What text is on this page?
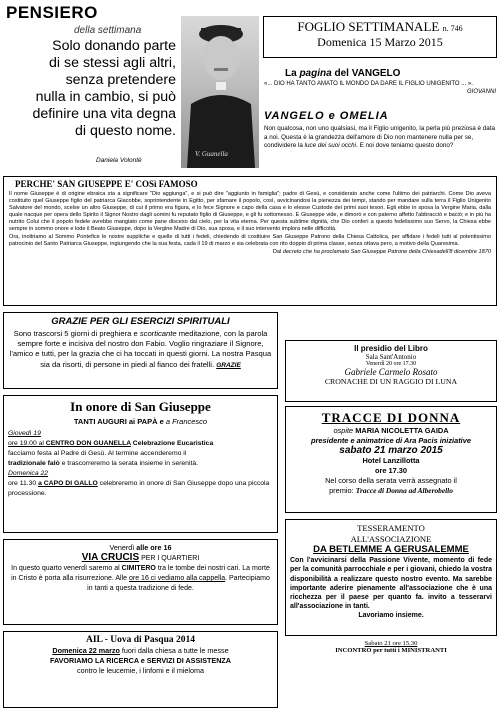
PENSIERO
della settimana
Solo donando parte
di se stessi agli altri,
senza pretendere
nulla in cambio, si può
definire una vita degna
di questo nome.
Daniela Volontè
V. Guanella
FOGLIO SETTIMANALE n. 746
Domenica 15 Marzo 2015
La pagina del VANGELO
«... DIO HA TANTO AMATO IL MONDO DA DARE IL FIGLIO UNIGENITO ... ».
GIOVANNI
VANGELO e OMELIA
Non qualcosa, non uno qualsiasi, ma il Figlio unigenito, la perla più preziosa è data a noi. Questa è la grandezza dell'amore di Dio non mantenere nulla per se, condividere la luce dei suoi occhi. E noi dove teniamo questo dono?
PERCHE' SAN GIUSEPPE E' COSì FAMOSO

Il nome Giuseppe è di origine ebraica sta a significare "Dio aggiunga", e si può dire "aggiunto in famiglia"; padre di Gesù, e considerato anche come l'ultimo dei patriarchi. Come Dio aveva costituito quel Giuseppe figlio del patriarca Giacobbe, soprintendente in Egitto, per sfamare il popolo, così, avvicinandosi la pienezza dei tempi, stando per mandare sulla terra il Figlio Unigenito Salvatore del mondo, scelse un altro Giuseppe, di cui il primo era figura, e lo fece Signore e capo della casa e lo elesse Custode dei primi suoi tesori. Egli ebbe in sposa la Vergine Maria, dalla quale nacque per opera dello Spirito il Signor Nostro dagli uomini fu reputato figlio di Giuseppe, e gli fu sottomesso. E Giuseppe vide, e dimorò e con paterno affetto l'abbracciò e baciò; e in più ha nutrito Colui che il popolo fedele avrebbe mangiato come pane disceso dal cielo, per la vita eterna. Per questa sublime dignità, che Dio conferì a questo fedelissimo suo Servo, la Chiesa ebbe sempre in sommo onore e lode il Beato Giuseppe, dopo la Vergine Madre di Dio, sua sposa, e il suo intervento implora nelle difficoltà.

Ora, inoltriamo al Sommo Pontefice le nostre suppliche e quelle di tutti i fedeli, chiedendo di costituire San Giuseppe Patrono della Chiesa Cattolica, per affidare i fedeli tutti al potentissimo patrocinio del Santo Patriarca Giuseppe, ingiungendo che la sua festa, cada il 19 di marzo e sia celebrata con rito doppio di prima classe, senza ottava pero, a motivo della Quaresima.

Dal decreto che ha proclamato San Giuseppe Patrone della Chiesadell'8 dicembre 1870
GRAZIE PER GLI ESERCIZI SPIRITUALI
Sono trascorsi 5 giorni di preghiera e scorticante meditazione, con la parola sempre forte e incisiva del nostro don Fabio. Voglio ringraziare il Signore, l'amico e tutti, per la grazia che ci ha toccati in questi giorni. La nostra Pasqua sia da risorti, di persone in piedi al fianco dei fratelli. GRAZIE
In onore di San Giuseppe
TANTI AUGURI ai PAPÀ e a Francesco
Giovedì 19
ore 19.00 al CENTRO DON GUANELLA Celebrazione Eucaristica
facciamo festa al Padre di Gesù. Al termine accenderemo il
tradizionale falò e trascorreremo la serata insieme in serenità.
Domenica 22
ore 11.30 a CAPO DI GALLO celebreremo in onore di San Giuseppe dopo una piccola processione.
Venerdì alle ore 16
VIA CRUCIS PER I QUARTIERI
In questo quarto venerdì saremo al CIMITERO tra le tombe dei nostri cari. La morte in Cristo è porta alla risurrezione. Alle ore 16 ci vediamo alla cappella. Partecipiamo in tanti a questa tradizione di fede.
AIL - Uova di Pasqua 2014
Domenica 22 marzo fuori dalla chiesa a tutte le messe
FAVORIAMO LA RICERCA e SERVIZI DI ASSISTENZA
contro le leucemie, i linfomi e il mieloma
Il presidio del Libro
Sala Sant'Antonio
Venerdì 20 ore 17.30
Gabriele Carmelo Rosato
CRONACHE DI UN RAGGIO DI LUNA
TRACCE DI DONNA
ospite MARIA NICOLETTA GAIDA
presidente e animatrice di Ara Pacis iniziative
sabato 21 marzo 2015
Hotel Lanzillotta
ore 17.30
Nel corso della serata verrà assegnato il
premio: Tracce di Donna ad Alberobello
TESSERAMENTO
ALL'ASSOCIAZIONE
DA BETLEMME A GERUSALEMME
Con l'avvicinarsi della Passione Vivente, momento di fede per la comunità parrocchiale e per i giovani, chiedo la vostra disponibilità a realizzare questo nostro evento. Ma sarebbe importante aderire pienamente all'associazione che è una ricchezza per il paese per quanto fa. invito a tesserarvi all'associazione in tanti.
Lavoriamo insieme.
Sabato 21 ore 15.30
INCONTRO per tutti i MINISTRANTI
